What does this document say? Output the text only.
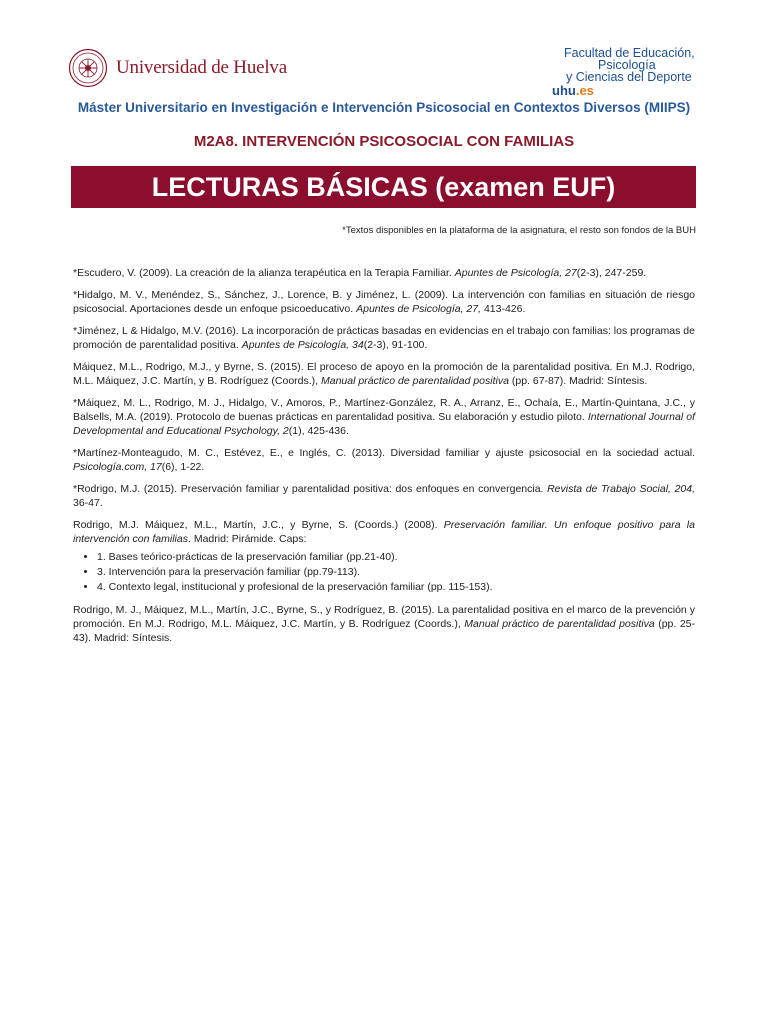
Universidad de Huelva
Facultad de Educación,
Psicología
y Ciencias del Deporte
uhu.es
Máster Universitario en Investigación e Intervención Psicosocial en Contextos Diversos (MIIPS)
M2A8. INTERVENCIÓN PSICOSOCIAL CON FAMILIAS
LECTURAS BÁSICAS (examen EUF)
*Textos disponibles en la plataforma de la asignatura, el resto son fondos de la BUH

*Escudero, V. (2009). La creación de la alianza terapéutica en la Terapia Familiar. Apuntes de Psicología, 27(2-3), 247-259.

*Hidalgo, M. V., Menéndez, S., Sánchez, J., Lorence, B. y Jiménez, L. (2009). La intervención con familias en situación de riesgo psicosocial. Aportaciones desde un enfoque psicoeducativo. Apuntes de Psicología, 27, 413-426.

*Jiménez, L & Hidalgo, M.V. (2016). La incorporación de prácticas basadas en evidencias en el trabajo con familias: los programas de promoción de parentalidad positiva. Apuntes de Psicología, 34(2-3), 91-100.

Máiquez, M.L., Rodrigo, M.J., y Byrne, S. (2015). El proceso de apoyo en la promoción de la parentalidad positiva. En M.J. Rodrigo, M.L. Máiquez, J.C. Martín, y B. Rodríguez (Coords.), Manual práctico de parentalidad positiva (pp. 67-87). Madrid: Síntesis.

*Máiquez, M. L., Rodrigo, M. J., Hidalgo, V., Amoros, P., Martínez-González, R. A., Arranz, E., Ochaía, E., Martín-Quintana, J.C., y Balsells, M.A. (2019). Protocolo de buenas prácticas en parentalidad positiva. Su elaboración y estudio piloto. International Journal of Developmental and Educational Psychology, 2(1), 425-436.

*Martínez-Monteagudo, M. C., Estévez, E., e Inglés, C. (2013). Diversidad familiar y ajuste psicosocial en la sociedad actual. Psicología.com, 17(6), 1-22.

*Rodrigo, M.J. (2015). Preservación familiar y parentalidad positiva: dos enfoques en convergencia. Revista de Trabajo Social, 204, 36-47.

Rodrigo, M.J. Máiquez, M.L., Martín, J.C., y Byrne, S. (Coords.) (2008). Preservación familiar. Un enfoque positivo para la intervención con familias. Madrid: Pirámide. Caps:

• 1. Bases teórico-prácticas de la preservación familiar (pp.21-40).
• 3. Intervención para la preservación familiar (pp.79-113).
• 4. Contexto legal, institucional y profesional de la preservación familiar (pp. 115-153).

Rodrigo, M. J., Máiquez, M.L., Martín, J.C., Byrne, S., y Rodríguez, B. (2015). La parentalidad positiva en el marco de la prevención y promoción. En M.J. Rodrigo, M.L. Máiquez, J.C. Martín, y B. Rodríguez (Coords.), Manual práctico de parentalidad positiva (pp. 25-43). Madrid: Síntesis.
